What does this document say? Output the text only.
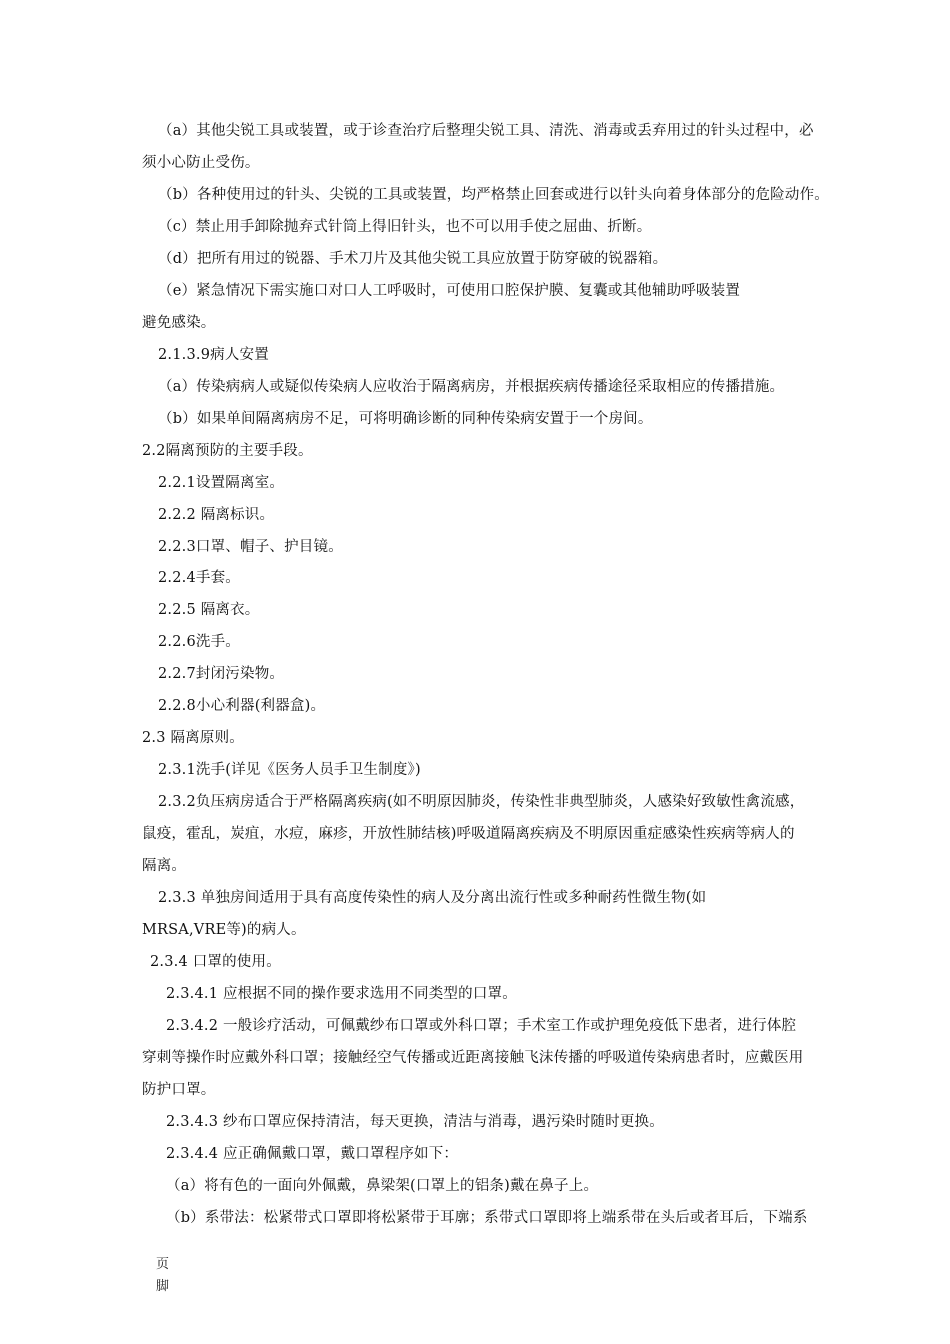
（a）其他尖锐工具或装置，或于诊查治疗后整理尖锐工具、清洗、消毒或丢弃用过的针头过程中，必
须小心防止受伤。
（b）各种使用过的针头、尖锐的工具或装置，均严格禁止回套或进行以针头向着身体部分的危险动作。
（c）禁止用手卸除抛弃式针筒上得旧针头，也不可以用手使之屈曲、折断。
（d）把所有用过的锐器、手术刀片及其他尖锐工具应放置于防穿破的锐器箱。
（e）紧急情况下需实施口对口人工呼吸时，可使用口腔保护膜、复囊或其他辅助呼吸装置
避免感染。
2.1.3.9病人安置
（a）传染病病人或疑似传染病人应收治于隔离病房，并根据疾病传播途径采取相应的传播措施。
（b）如果单间隔离病房不足，可将明确诊断的同种传染病安置于一个房间。
2.2隔离预防的主要手段。
2.2.1设置隔离室。
2.2.2 隔离标识。
2.2.3口罩、帽子、护目镜。
2.2.4手套。
2.2.5 隔离衣。
2.2.6洗手。
2.2.7封闭污染物。
2.2.8小心利器(利器盒)。
2.3 隔离原则。
2.3.1洗手(详见《医务人员手卫生制度》)
2.3.2负压病房适合于严格隔离疾病(如不明原因肺炎，传染性非典型肺炎，人感染好致敏性禽流感，
鼠疫，霍乱，炭疽，水痘，麻疹，开放性肺结核)呼吸道隔离疾病及不明原因重症感染性疾病等病人的
隔离。
2.3.3 单独房间适用于具有高度传染性的病人及分离出流行性或多种耐药性微生物(如
MRSA,VRE等)的病人。
2.3.4 口罩的使用。
2.3.4.1 应根据不同的操作要求选用不同类型的口罩。
2.3.4.2 一般诊疗活动，可佩戴纱布口罩或外科口罩；手术室工作或护理免疫低下患者，进行体腔
穿刺等操作时应戴外科口罩；接触经空气传播或近距离接触飞沫传播的呼吸道传染病患者时，应戴医用
防护口罩。
2.3.4.3 纱布口罩应保持清洁，每天更换，清洁与消毒，遇污染时随时更换。
2.3.4.4 应正确佩戴口罩，戴口罩程序如下：
（a）将有色的一面向外佩戴，鼻梁架(口罩上的铝条)戴在鼻子上。
（b）系带法：松紧带式口罩即将松紧带于耳廓；系带式口罩即将上端系带在头后或者耳后，下端系
页
脚
